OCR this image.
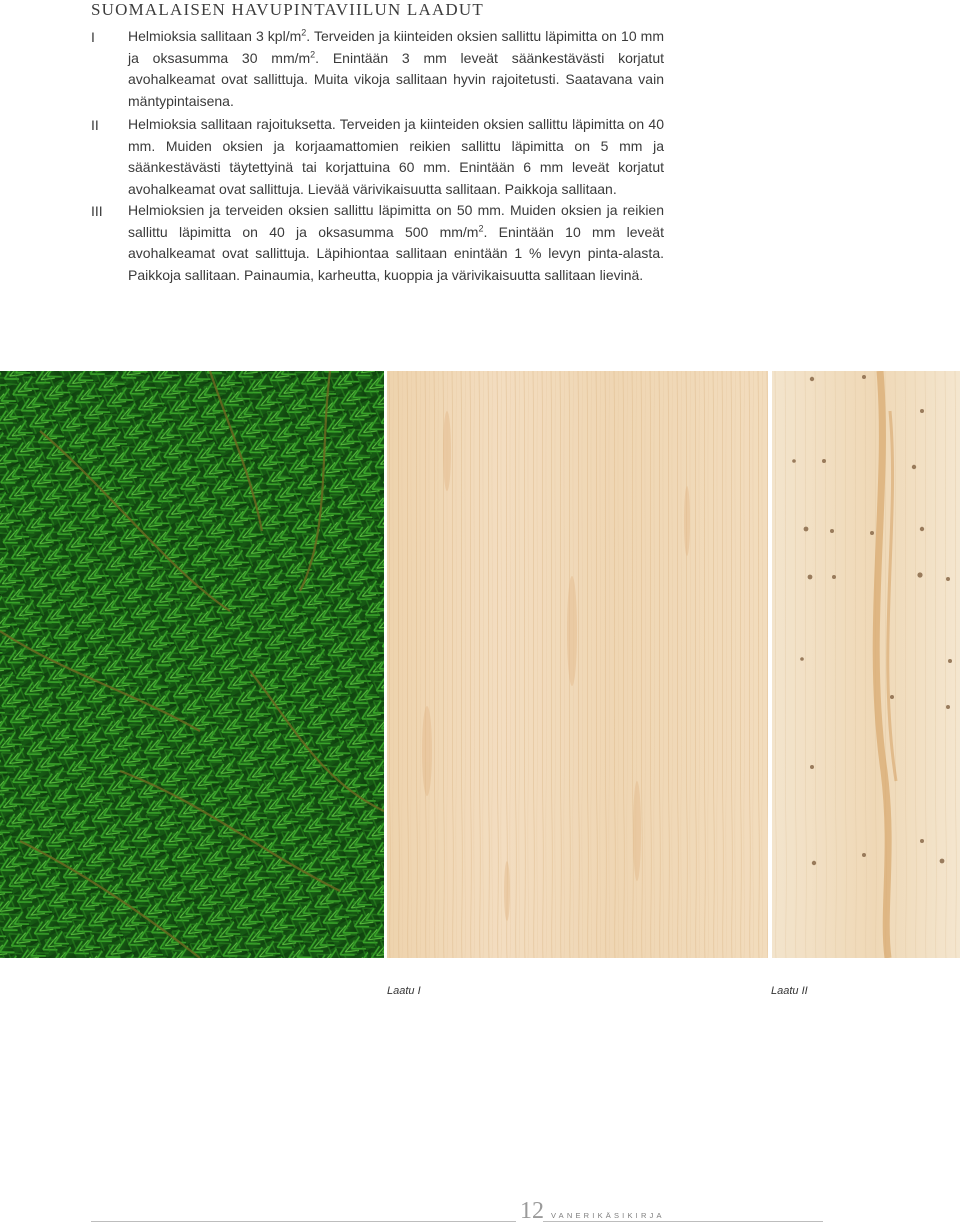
SUOMALAISEN HAVUPINTAVIILUN LAADUT
I Helmioksia sallitaan 3 kpl/$m^2$. Terveiden ja kiinteiden oksien sallittu läpimitta on 10 mm ja oksasumma 30 $mm/m^2$. Enintään 3 mm leveät säänkestävästi korjatut avohalkeamat ovat sallittuja. Muita vikoja sallitaan hyvin rajoitetusti. Saatavana vain mäntypintaisena.
II Helmioksia sallitaan rajoituksetta. Terveiden ja kiinteiden oksien sallittu läpimitta on 40 mm. Muiden oksien ja korjaamattomien reikien sallittu läpimitta on 5 mm ja säänkestävästi täytettyinä tai korjattuina 60 mm. Enintään 6 mm leveät korjatut avohalkeamat ovat sallittuja. Lievää värivikaisuutta sallitaan. Paikkoja sallitaan.
III Helmioksien ja terveiden oksien sallittu läpimitta on 50 mm. Muiden oksien ja reikien sallittu läpimitta on 40 ja oksasumma 500 $mm/m^2$. Enintään 10 mm leveät avohalkeamat ovat sallittuja. Läpihiontaa sallitaan enintään 1 % levyn pinta-alasta. Paikkoja sallitaan. Painaumia, karheutta, kuoppia ja värivikaisuutta sallitaan lievinä.
Laatu I	Laatu II
12 VANERIKÄSIKIRJA
